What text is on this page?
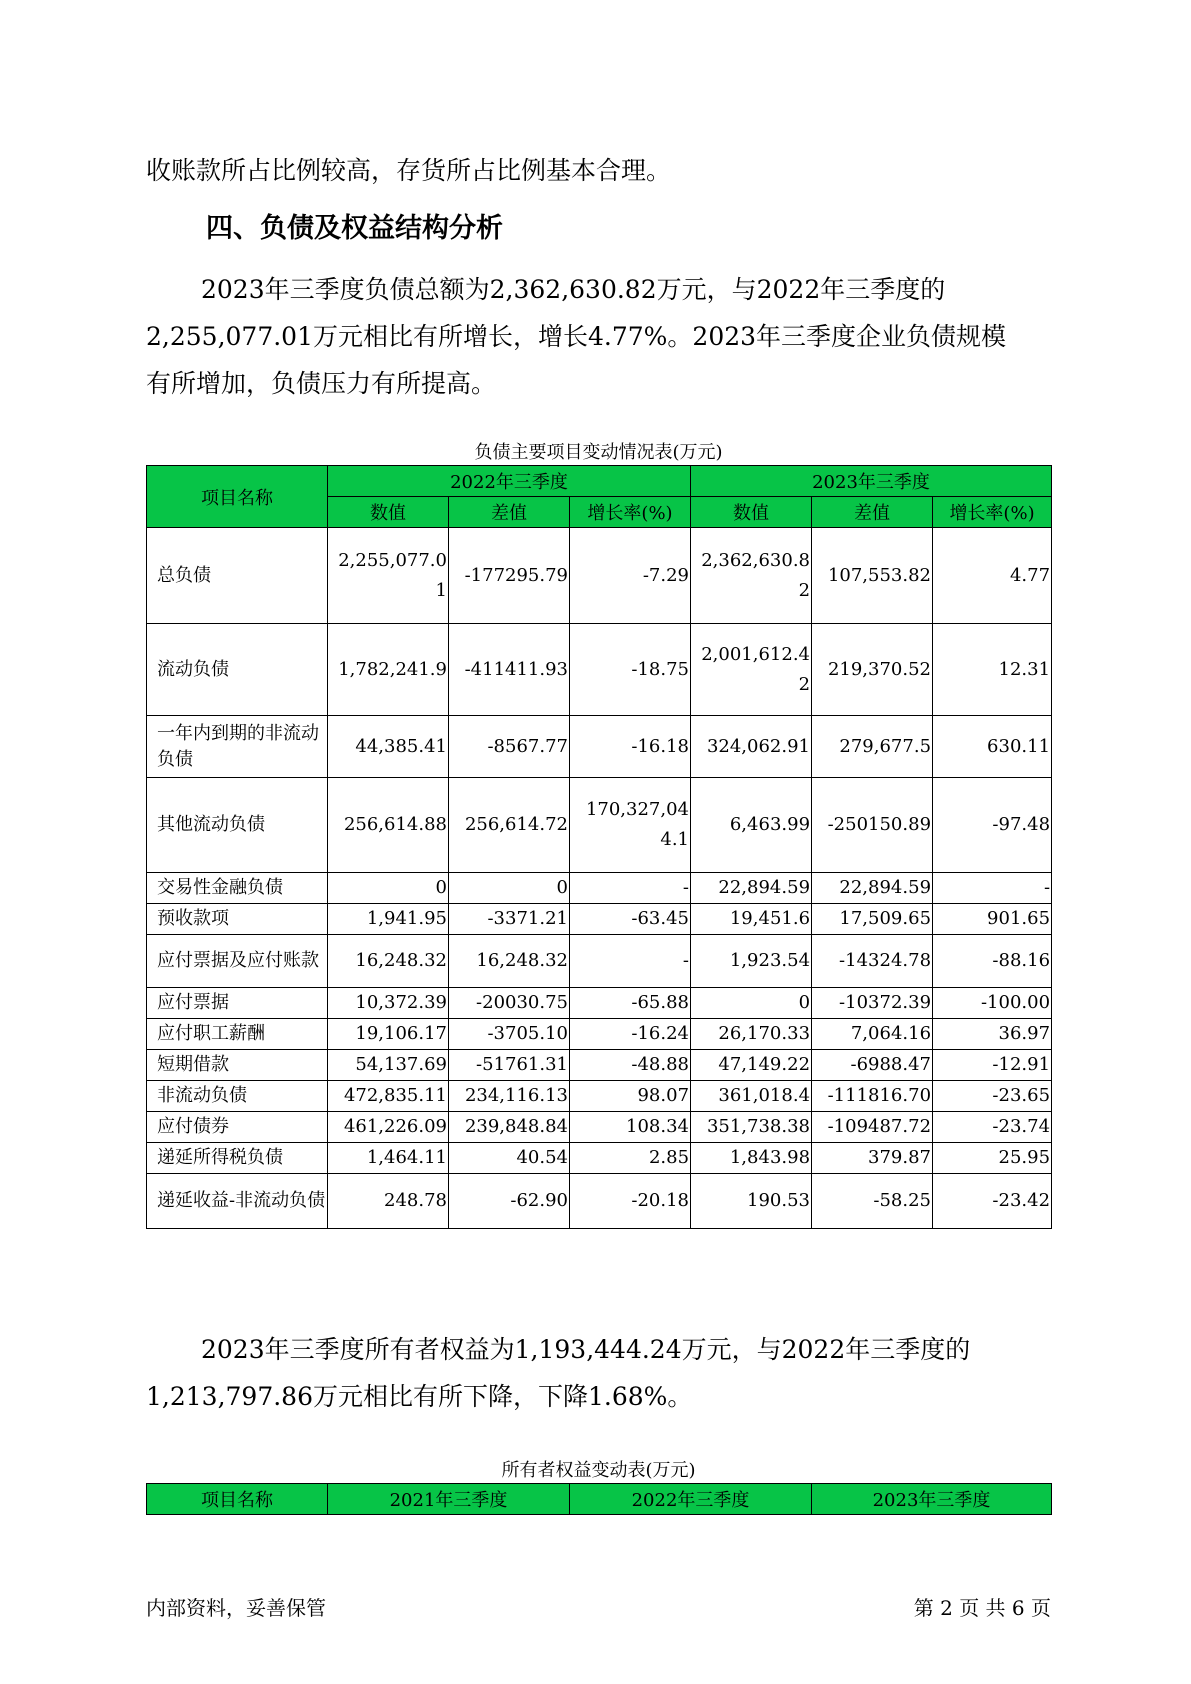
收账款所占比例较高，存货所占比例基本合理。
四、负债及权益结构分析
2023年三季度负债总额为2,362,630.82万元，与2022年三季度的
2,255,077.01万元相比有所增长，增长4.77%。2023年三季度企业负债规模
有所增加，负债压力有所提高。
负债主要项目变动情况表(万元)
项目名称	2022年三季度			2023年三季度		
	数值	差值	增长率(%)	数值	差值	增长率(%)
总负债	2,255,077.01	-177295.79	-7.29	2,362,630.82	107,553.82	4.77
流动负债	1,782,241.9	-411411.93	-18.75	2,001,612.42	219,370.52	12.31
一年内到期的非流动负债	44,385.41	-8567.77	-16.18	324,062.91	279,677.5	630.11
其他流动负债	256,614.88	256,614.72	170,327,044.1	6,463.99	-250150.89	-97.48
交易性金融负债	0	0	-	22,894.59	22,894.59	-
预收款项	1,941.95	-3371.21	-63.45	19,451.6	17,509.65	901.65
应付票据及应付账款	16,248.32	16,248.32	-	1,923.54	-14324.78	-88.16
应付票据	10,372.39	-20030.75	-65.88	0	-10372.39	-100.00
应付职工薪酬	19,106.17	-3705.10	-16.24	26,170.33	7,064.16	36.97
短期借款	54,137.69	-51761.31	-48.88	47,149.22	-6988.47	-12.91
非流动负债	472,835.11	234,116.13	98.07	361,018.4	-111816.70	-23.65
应付债券	461,226.09	239,848.84	108.34	351,738.38	-109487.72	-23.74
递延所得税负债	1,464.11	40.54	2.85	1,843.98	379.87	25.95
递延收益-非流动负债	248.78	-62.90	-20.18	190.53	-58.25	-23.42
2023年三季度所有者权益为1,193,444.24万元，与2022年三季度的
1,213,797.86万元相比有所下降，下降1.68%。
所有者权益变动表(万元)
项目名称	2021年三季度	2022年三季度	2023年三季度
内部资料，妥善保管	第 2 页 共 6 页
